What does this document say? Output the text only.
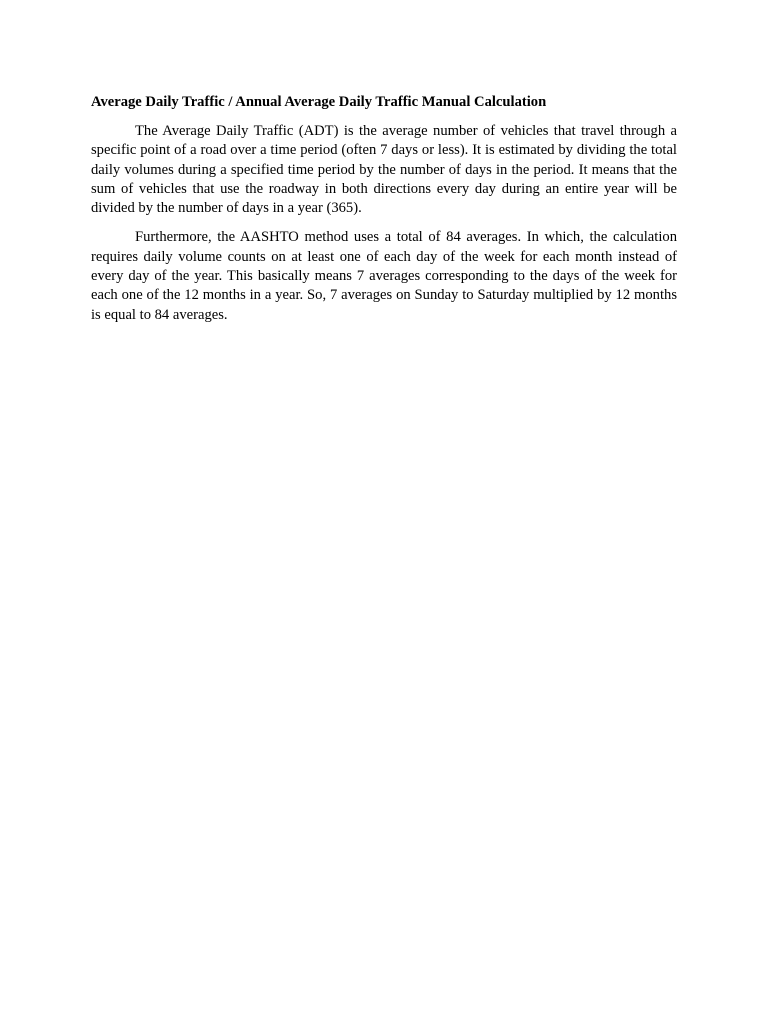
Average Daily Traffic / Annual Average Daily Traffic Manual Calculation

The Average Daily Traffic (ADT) is the average number of vehicles that travel through a specific point of a road over a time period (often 7 days or less). It is estimated by dividing the total daily volumes during a specified time period by the number of days in the period. It means that the sum of vehicles that use the roadway in both directions every day during an entire year will be divided by the number of days in a year (365).

Furthermore, the AASHTO method uses a total of 84 averages. In which, the calculation requires daily volume counts on at least one of each day of the week for each month instead of every day of the year. This basically means 7 averages corresponding to the days of the week for each one of the 12 months in a year. So, 7 averages on Sunday to Saturday multiplied by 12 months is equal to 84 averages.
